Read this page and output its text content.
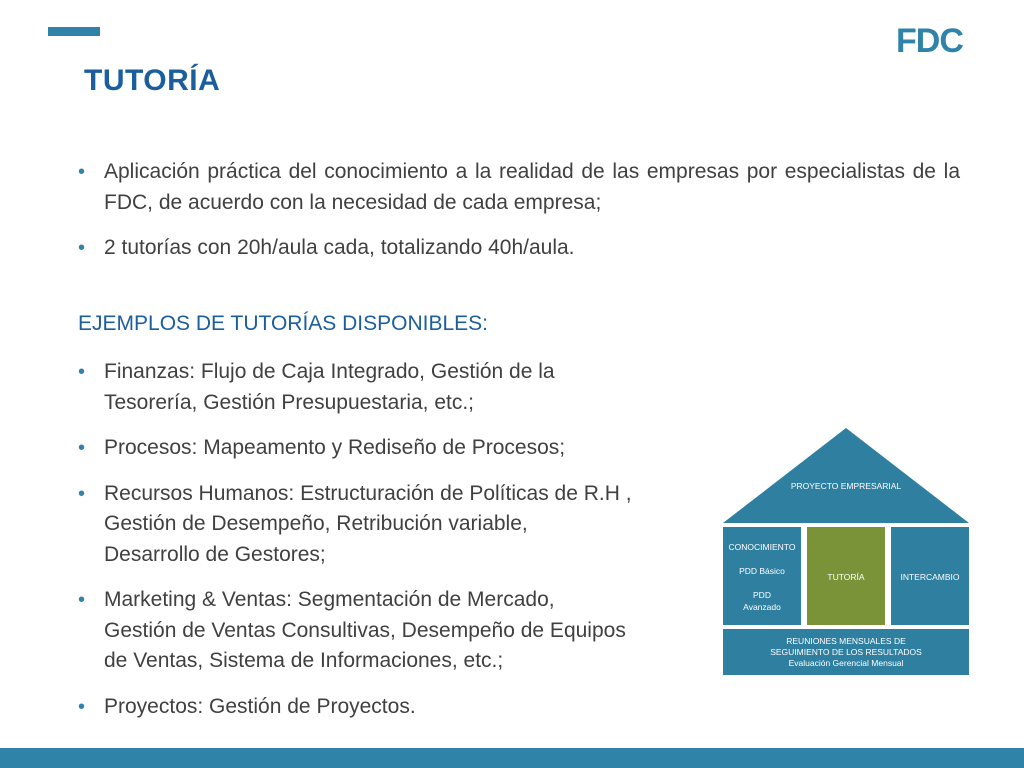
FDC
TUTORÍA
• Aplicación práctica del conocimiento a la realidad de las empresas por especialistas de la FDC, de acuerdo con la necesidad de cada empresa;
• 2 tutorías con 20h/aula cada, totalizando 40h/aula.
EJEMPLOS DE TUTORÍAS DISPONIBLES:
• Finanzas: Flujo de Caja Integrado, Gestión de la
Tesorería, Gestión Presupuestaria, etc.;
• Procesos: Mapeamento y Rediseño de Procesos;
• Recursos Humanos: Estructuración de Políticas de R.H ,
Gestión de Desempeño, Retribución variable,
Desarrollo de Gestores;
• Marketing & Ventas: Segmentación de Mercado,
Gestión de Ventas Consultivas, Desempeño de Equipos
de Ventas, Sistema de Informaciones, etc.;
• Proyectos: Gestión de Proyectos.
PROYECTO EMPRESARIAL
CONOCIMIENTO
PDD Básico
PDD
Avanzado
TUTORÍA	INTERCAMBIO
REUNIONES MENSUALES DE
SEGUIMIENTO DE LOS RESULTADOS
Evaluación Gerencial Mensual
